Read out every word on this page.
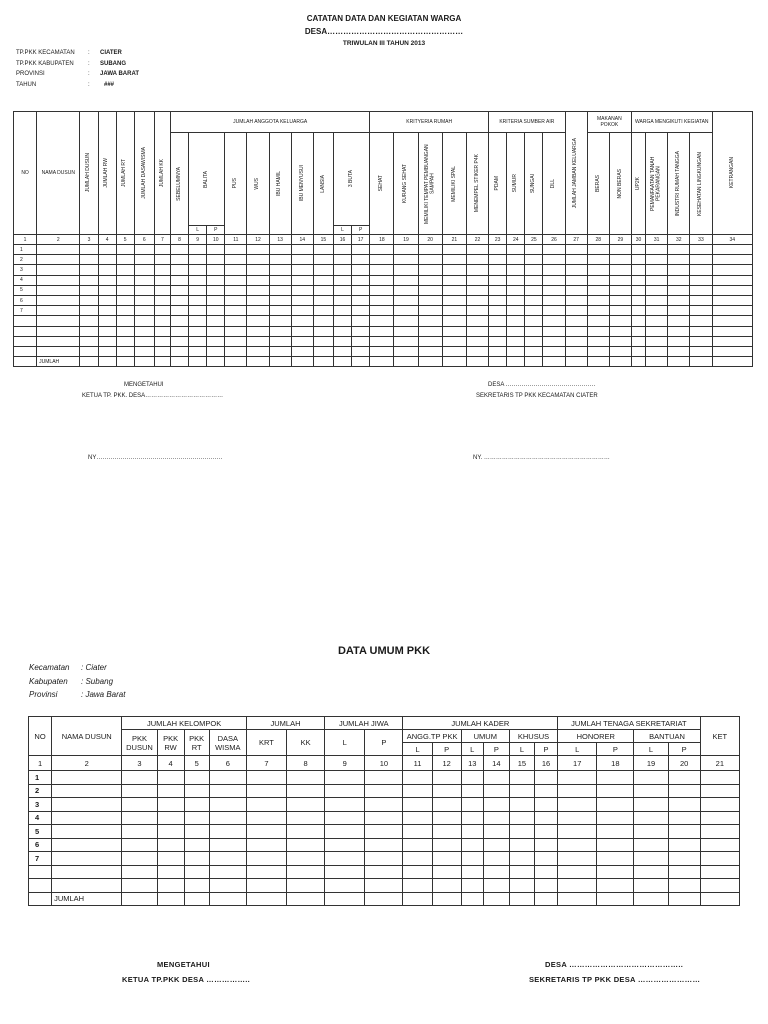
CATATAN DATA DAN KEGIATAN WARGA
DESA……………………………………………
TRIWULAN III TAHUN 2013
TP.PKK KECAMATAN	:	CIATER
TP.PKK KABUPATEN	:	SUBANG
PROVINSI	:	JAWA BARAT
TAHUN	:	###
NO	NAMA DUSUN	JUMLAH DUSUN	JUMLAH RW	JUMLAH RT	JUMLAH DASAWISMA	JUMLAH KK	JUMLAH ANGGOTA KELUARGA										KRITYERIA RUMAH					KRITERIA SUMBER AIR				JUMLAH JAMBAN KELUARGA	MAKANAN POKOK		WARGA MENGIKUTI KEGIATAN				KETRANGAN

							SEBELUMNYA	BALITA		PUS	WUS	IBU HAMIL	IBU MENYUSUI	LANSIA	3 BUTA		SEHAT	KURANG SEHAT	MEMILIKI TEMPAT PEMBUANGAN SAMPAH	MEMILIKI SPAL	MENEMPEL STIKER P4K	PDAM	SUMUR	SUNGAI	DLL		BERAS	NON BERAS	UP2K	PEMANFAATAN TANAH PEKARANGAN	INDUSTRI RUMAH TANGGA	KESEHATAN LINGKUNGAN	

								L	P						L	P																	
1	2	3	4	5	6	7	8	9	10	11	12	13	14	15	16	17	18	19	20	21	22	23	24	25	26	27	28	29	30	31	32	33	34
1																																	
2																																	
3																																	
4																																	
5																																	
6																																	
7																																	

	JUMLAH																																
MENGETAHUI
KETUA TP. PKK. DESA…………………………………
DESA ………………………………………
SEKRETARIS TP PKK KECAMATAN CIATER
NY………………………………………………………	NY. ………………………………………………………
DATA UMUM PKK
Kecamatan	: Ciater
Kabupaten	: Subang
Provinsi	: Jawa Barat
NO	NAMA DUSUN	JUMLAH KELOMPOK				JUMLAH		JUMLAH JIWA		JUMLAH KADER						JUMLAH TENAGA SEKRETARIAT				KET
		PKK DUSUN	PKK RW	PKK RT	DASA WISMA	KRT	KK	L	P	ANGG.TP PKK		UMUM		KHUSUS		HONORER		BANTUAN		
										L	P	L	P	L	P	L	P	L	P	
1	2	3	4	5	6	7	8	9	10	11	12	13	14	15	16	17	18	19	20	21
1																				
2																				
3																				
4																				
5																				
6																				
7																				

	JUMLAH																			
MENGETAHUI
KETUA TP.PKK DESA ……………..
DESA ……………………………………..
SEKRETARIS TP PKK DESA ……………………
